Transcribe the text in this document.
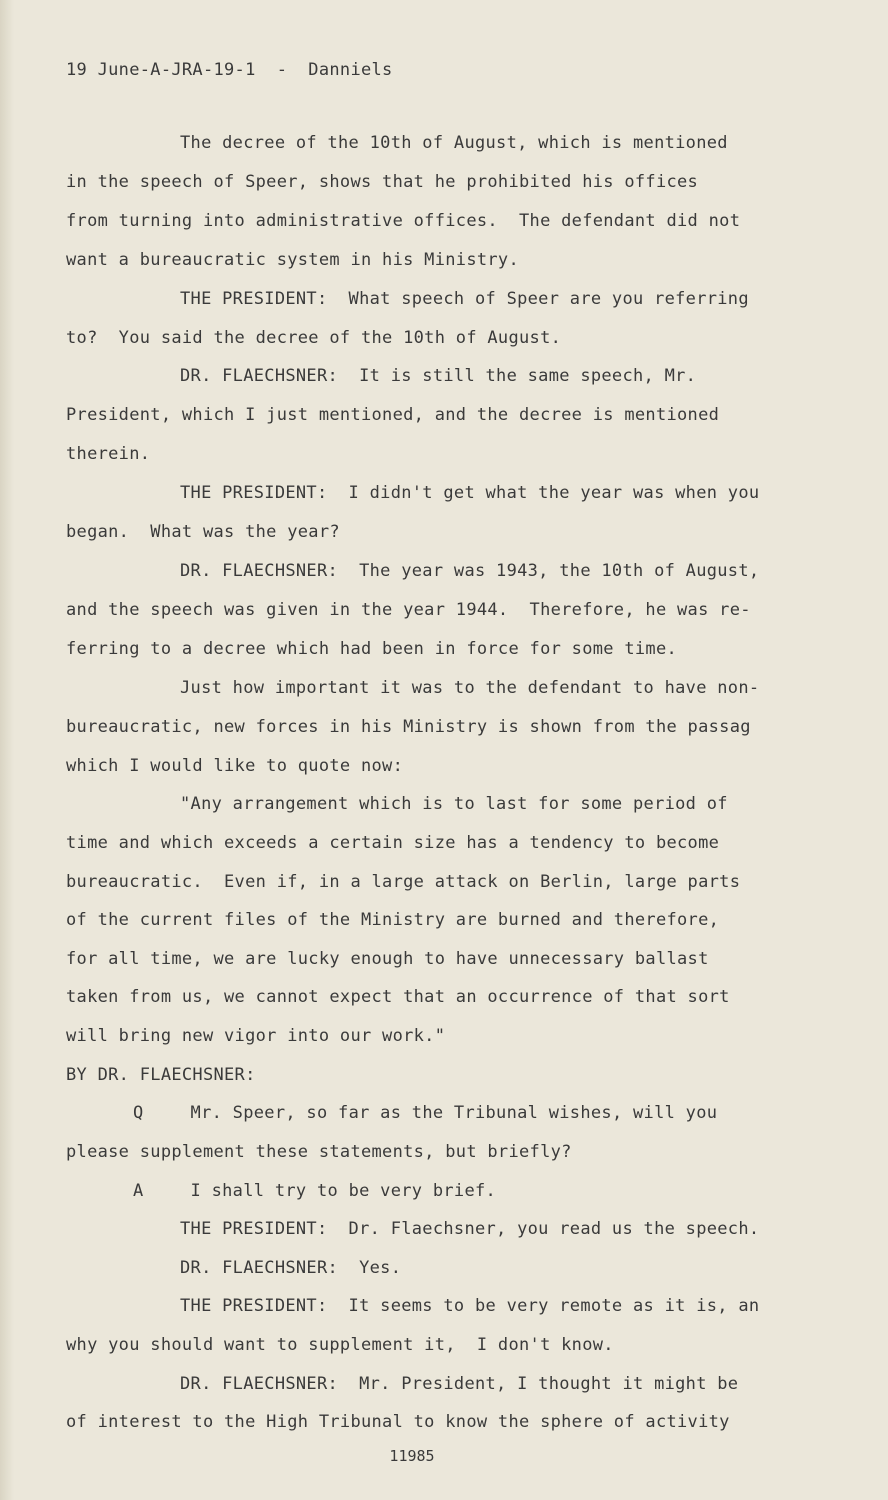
19 June-A-JRA-19-1  -  Danniels
The decree of the 10th of August, which is mentioned
in the speech of Speer, shows that he prohibited his offices
from turning into administrative offices.  The defendant did not
want a bureaucratic system in his Ministry.
THE PRESIDENT:  What speech of Speer are you referring
to?  You said the decree of the 10th of August.
DR. FLAECHSNER:  It is still the same speech, Mr.
President, which I just mentioned, and the decree is mentioned
therein.
THE PRESIDENT:  I didn't get what the year was when you
began.  What was the year?
DR. FLAECHSNER:  The year was 1943, the 10th of August,
and the speech was given in the year 1944.  Therefore, he was re-
ferring to a decree which had been in force for some time.
Just how important it was to the defendant to have non-
bureaucratic, new forces in his Ministry is shown from the passag
which I would like to quote now:
"Any arrangement which is to last for some period of
time and which exceeds a certain size has a tendency to become
bureaucratic.  Even if, in a large attack on Berlin, large parts
of the current files of the Ministry are burned and therefore,
for all time, we are lucky enough to have unnecessary ballast
taken from us, we cannot expect that an occurrence of that sort
will bring new vigor into our work."
BY DR. FLAECHSNER:
Q	Mr. Speer, so far as the Tribunal wishes, will you
please supplement these statements, but briefly?
A	I shall try to be very brief.
THE PRESIDENT:  Dr. Flaechsner, you read us the speech.
DR. FLAECHSNER:  Yes.
THE PRESIDENT:  It seems to be very remote as it is, an
why you should want to supplement it,  I don't know.
DR. FLAECHSNER:  Mr. President, I thought it might be
of interest to the High Tribunal to know the sphere of activity
11985
